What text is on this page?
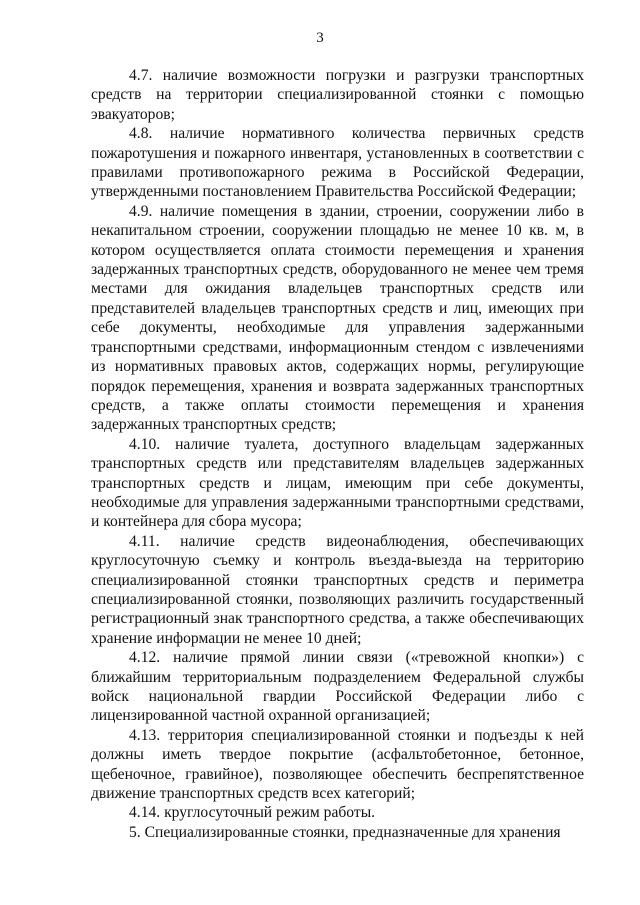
3

4.7. наличие возможности погрузки и разгрузки транспортных средств на территории специализированной стоянки с помощью эвакуаторов;

4.8. наличие нормативного количества первичных средств пожаротушения и пожарного инвентаря, установленных в соответствии с правилами противопожарного режима в Российской Федерации, утвержденными постановлением Правительства Российской Федерации;

4.9. наличие помещения в здании, строении, сооружении либо в некапитальном строении, сооружении площадью не менее 10 кв. м, в котором осуществляется оплата стоимости перемещения и хранения задержанных транспортных средств, оборудованного не менее чем тремя местами для ожидания владельцев транспортных средств или представителей владельцев транспортных средств и лиц, имеющих при себе документы, необходимые для управления задержанными транспортными средствами, информационным стендом с извлечениями из нормативных правовых актов, содержащих нормы, регулирующие порядок перемещения, хранения и возврата задержанных транспортных средств, а также оплаты стоимости перемещения и хранения задержанных транспортных средств;

4.10. наличие туалета, доступного владельцам задержанных транспортных средств или представителям владельцев задержанных транспортных средств и лицам, имеющим при себе документы, необходимые для управления задержанными транспортными средствами, и контейнера для сбора мусора;

4.11. наличие средств видеонаблюдения, обеспечивающих круглосуточную съемку и контроль въезда-выезда на территорию специализированной стоянки транспортных средств и периметра специализированной стоянки, позволяющих различить государственный регистрационный знак транспортного средства, а также обеспечивающих хранение информации не менее 10 дней;

4.12. наличие прямой линии связи («тревожной кнопки») с ближайшим территориальным подразделением Федеральной службы войск национальной гвардии Российской Федерации либо с лицензированной частной охранной организацией;

4.13. территория специализированной стоянки и подъезды к ней должны иметь твердое покрытие (асфальтобетонное, бетонное, щебеночное, гравийное), позволяющее обеспечить беспрепятственное движение транспортных средств всех категорий;

4.14. круглосуточный режим работы.

5. Специализированные стоянки, предназначенные для хранения
